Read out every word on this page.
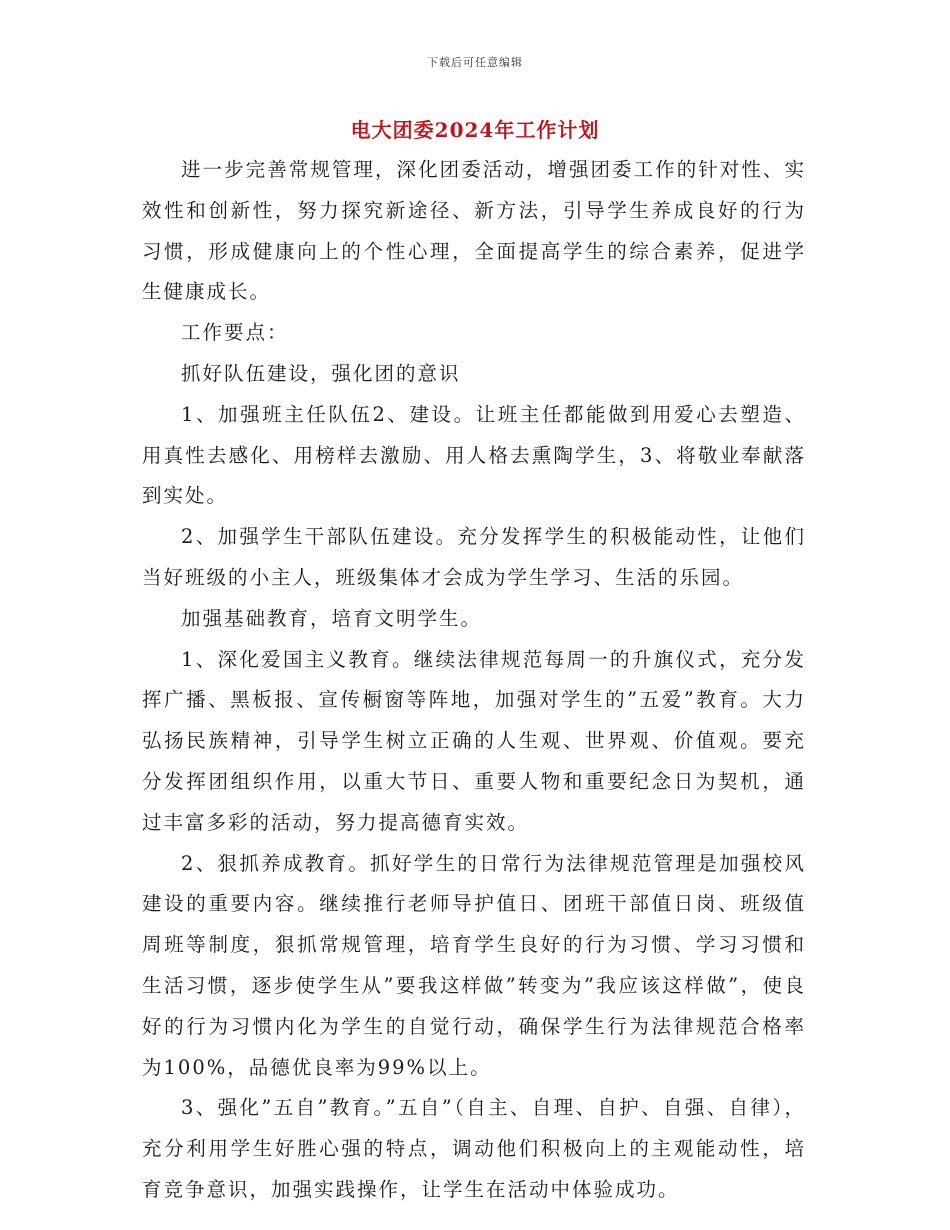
下载后可任意编辑
电大团委2024年工作计划

进一步完善常规管理，深化团委活动，增强团委工作的针对性、实效性和创新性，努力探究新途径、新方法，引导学生养成良好的行为习惯，形成健康向上的个性心理，全面提高学生的综合素养，促进学生健康成长。

工作要点：

抓好队伍建设，强化团的意识

1、加强班主任队伍2、建设。让班主任都能做到用爱心去塑造、用真性去感化、用榜样去激励、用人格去熏陶学生，3、将敬业奉献落到实处。

2、加强学生干部队伍建设。充分发挥学生的积极能动性，让他们当好班级的小主人，班级集体才会成为学生学习、生活的乐园。

加强基础教育，培育文明学生。

1、深化爱国主义教育。继续法律规范每周一的升旗仪式，充分发挥广播、黑板报、宣传橱窗等阵地，加强对学生的”五爱”教育。大力弘扬民族精神，引导学生树立正确的人生观、世界观、价值观。要充分发挥团组织作用，以重大节日、重要人物和重要纪念日为契机，通过丰富多彩的活动，努力提高德育实效。

2、狠抓养成教育。抓好学生的日常行为法律规范管理是加强校风建设的重要内容。继续推行老师导护值日、团班干部值日岗、班级值周班等制度，狠抓常规管理，培育学生良好的行为习惯、学习习惯和生活习惯，逐步使学生从”要我这样做”转变为”我应该这样做”，使良好的行为习惯内化为学生的自觉行动，确保学生行为法律规范合格率为100%，品德优良率为99%以上。

3、强化”五自”教育。”五自”（自主、自理、自护、自强、自律），充分利用学生好胜心强的特点，调动他们积极向上的主观能动性，培育竞争意识，加强实践操作，让学生在活动中体验成功。
